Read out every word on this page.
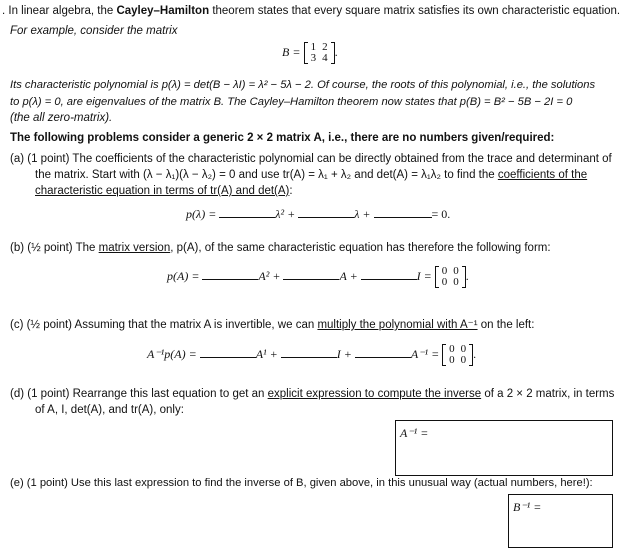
. In linear algebra, the Cayley–Hamilton theorem states that every square matrix satisfies its own characteristic equation.
For example, consider the matrix
B = 1	2
3	4 .
Its characteristic polynomial is p(λ) = det(B − λI) = λ² − 5λ − 2. Of course, the roots of this polynomial, i.e., the solutions
to p(λ) = 0, are eigenvalues of the matrix B. The Cayley–Hamilton theorem now states that p(B) = B² − 5B − 2I = 0
(the all zero-matrix).
The following problems consider a generic 2 × 2 matrix A, i.e., there are no numbers given/required:
(a) (1 point) The coefficients of the characteristic polynomial can be directly obtained from the trace and determinant of
the matrix. Start with (λ − λ₁)(λ − λ₂) = 0 and use tr(A) = λ₁ + λ₂ and det(A) = λ₁λ₂ to find the coefficients of the
characteristic equation in terms of tr(A) and det(A):
p(λ) =	λ² +	λ +	= 0.
(b) (½ point) The matrix version, p(A), of the same characteristic equation has therefore the following form:
p(A) =	A² +	A +	I = 0	0
0	0 .
(c) (½ point) Assuming that the matrix A is invertible, we can multiply the polynomial with A⁻¹ on the left:
A⁻¹p(A) =	A¹ +	I +	A⁻¹ = 0	0
0	0 .
(d) (1 point) Rearrange this last equation to get an explicit expression to compute the inverse of a 2 × 2 matrix, in terms
of A, I, det(A), and tr(A), only:
A⁻¹ =
(e) (1 point) Use this last expression to find the inverse of B, given above, in this unusual way (actual numbers, here!):
B⁻¹ =
